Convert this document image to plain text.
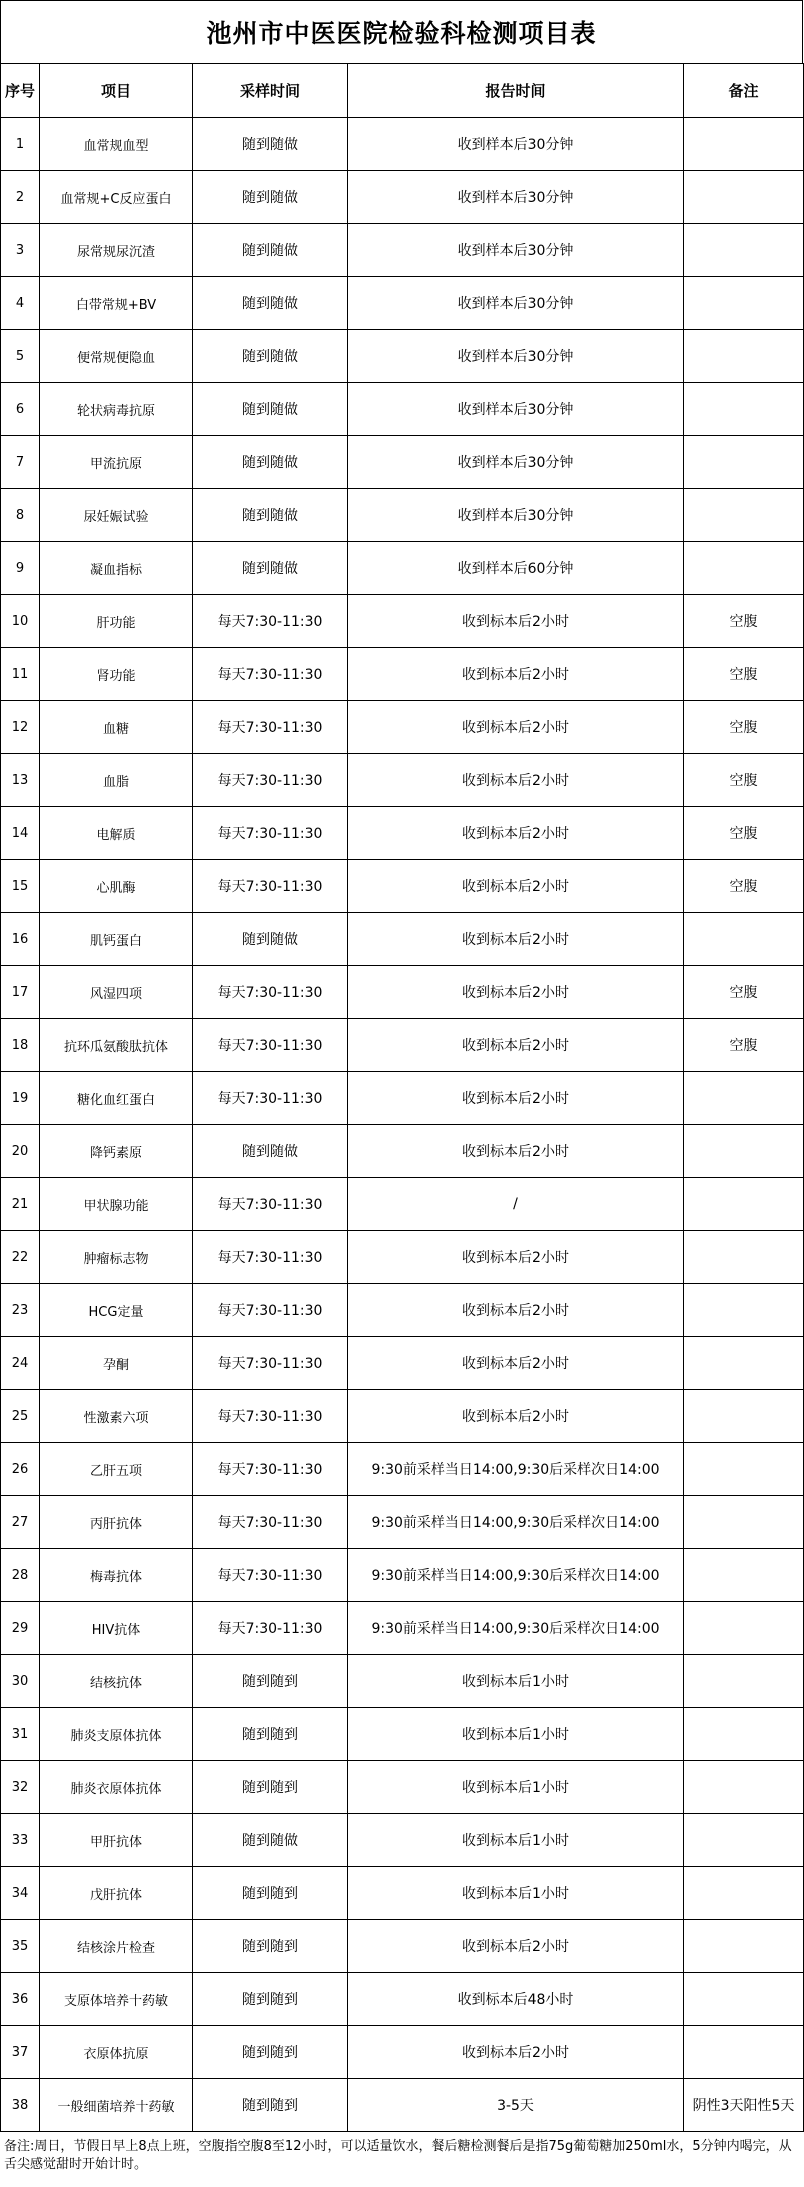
池州市中医医院检验科检测项目表
序号	项目	采样时间	报告时间	备注
1	血常规血型	随到随做	收到样本后30分钟	
2	血常规+C反应蛋白	随到随做	收到样本后30分钟	
3	尿常规尿沉渣	随到随做	收到样本后30分钟	
4	白带常规+BV	随到随做	收到样本后30分钟	
5	便常规便隐血	随到随做	收到样本后30分钟	
6	轮状病毒抗原	随到随做	收到样本后30分钟	
7	甲流抗原	随到随做	收到样本后30分钟	
8	尿妊娠试验	随到随做	收到样本后30分钟	
9	凝血指标	随到随做	收到样本后60分钟	
10	肝功能	每天7:30-11:30	收到标本后2小时	空腹
11	肾功能	每天7:30-11:30	收到标本后2小时	空腹
12	血糖	每天7:30-11:30	收到标本后2小时	空腹
13	血脂	每天7:30-11:30	收到标本后2小时	空腹
14	电解质	每天7:30-11:30	收到标本后2小时	空腹
15	心肌酶	每天7:30-11:30	收到标本后2小时	空腹
16	肌钙蛋白	随到随做	收到标本后2小时	
17	风湿四项	每天7:30-11:30	收到标本后2小时	空腹
18	抗环瓜氨酸肽抗体	每天7:30-11:30	收到标本后2小时	空腹
19	糖化血红蛋白	每天7:30-11:30	收到标本后2小时	
20	降钙素原	随到随做	收到标本后2小时	
21	甲状腺功能	每天7:30-11:30	/	
22	肿瘤标志物	每天7:30-11:30	收到标本后2小时	
23	HCG定量	每天7:30-11:30	收到标本后2小时	
24	孕酮	每天7:30-11:30	收到标本后2小时	
25	性激素六项	每天7:30-11:30	收到标本后2小时	
26	乙肝五项	每天7:30-11:30	9:30前采样当日14:00,9:30后采样次日14:00	
27	丙肝抗体	每天7:30-11:30	9:30前采样当日14:00,9:30后采样次日14:00	
28	梅毒抗体	每天7:30-11:30	9:30前采样当日14:00,9:30后采样次日14:00	
29	HIV抗体	每天7:30-11:30	9:30前采样当日14:00,9:30后采样次日14:00	
30	结核抗体	随到随到	收到标本后1小时	
31	肺炎支原体抗体	随到随到	收到标本后1小时	
32	肺炎衣原体抗体	随到随到	收到标本后1小时	
33	甲肝抗体	随到随做	收到标本后1小时	
34	戊肝抗体	随到随到	收到标本后1小时	
35	结核涂片检查	随到随到	收到标本后2小时	
36	支原体培养十药敏	随到随到	收到标本后48小时	
37	衣原体抗原	随到随到	收到标本后2小时	
38	一般细菌培养十药敏	随到随到	3-5天	阴性3天阳性5天
备注:周日，节假日早上8点上班，空腹指空腹8至12小时，可以适量饮水，餐后糖检测餐后是指75g葡萄糖加250ml水，5分钟内喝完，从舌尖感觉甜时开始计时。
